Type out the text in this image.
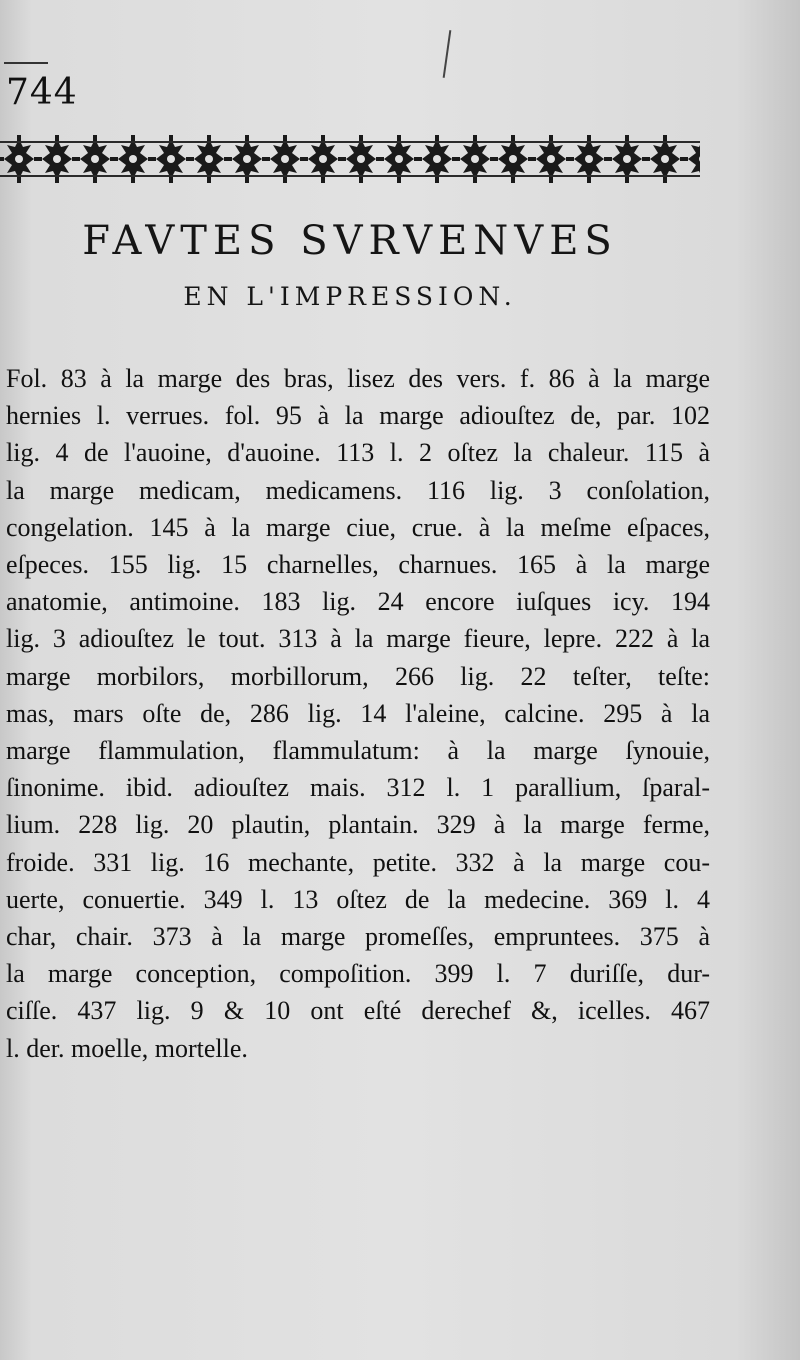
744
FAVTES SVRVENVES
EN L'IMPRESSION.
Fol. 83 à la marge des bras, lisez des vers. f. 86 à la marge
hernies l. verrues. fol. 95 à la marge adiouſtez de, par. 102
lig. 4 de l'auoine, d'auoine. 113 l. 2 oſtez la chaleur. 115 à
la marge medicam, medicamens. 116 lig. 3 conſolation,
congelation. 145 à la marge ciue, crue. à la meſme eſpaces,
eſpeces. 155 lig. 15 charnelles, charnues. 165 à la marge
anatomie, antimoine. 183 lig. 24 encore iuſques icy. 194
lig. 3 adiouſtez le tout. 313 à la marge fieure, lepre. 222 à la
marge morbilors, morbillorum, 266 lig. 22 teſter, teſte:
mas, mars oſte de, 286 lig. 14 l'aleine, calcine. 295 à la
marge flammulation, flammulatum: à la marge ſynouie,
ſinonime. ibid. adiouſtez mais. 312 l. 1 parallium, ſparal-
lium. 228 lig. 20 plautin, plantain. 329 à la marge ferme,
froide. 331 lig. 16 mechante, petite. 332 à la marge cou-
uerte, conuertie. 349 l. 13 oſtez de la medecine. 369 l. 4
char, chair. 373 à la marge promeſſes, empruntees. 375 à
la marge conception, compoſition. 399 l. 7 duriſſe, dur-
ciſſe. 437 lig. 9 & 10 ont eſté derechef &, icelles. 467
l. der. moelle, mortelle.
